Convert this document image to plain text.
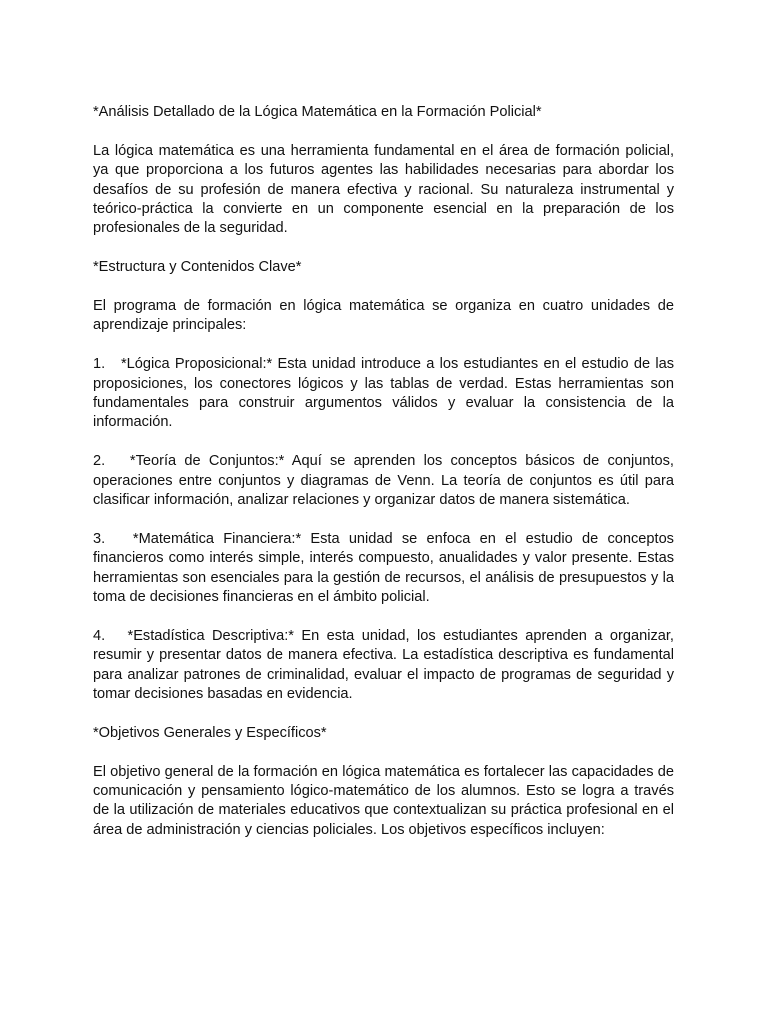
*Análisis Detallado de la Lógica Matemática en la Formación Policial*

La lógica matemática es una herramienta fundamental en el área de formación policial, ya que proporciona a los futuros agentes las habilidades necesarias para abordar los desafíos de su profesión de manera efectiva y racional. Su naturaleza instrumental y teórico-práctica la convierte en un componente esencial en la preparación de los profesionales de la seguridad.

*Estructura y Contenidos Clave*

El programa de formación en lógica matemática se organiza en cuatro unidades de aprendizaje principales:

1. *Lógica Proposicional:* Esta unidad introduce a los estudiantes en el estudio de las proposiciones, los conectores lógicos y las tablas de verdad. Estas herramientas son fundamentales para construir argumentos válidos y evaluar la consistencia de la información.

2. *Teoría de Conjuntos:* Aquí se aprenden los conceptos básicos de conjuntos, operaciones entre conjuntos y diagramas de Venn. La teoría de conjuntos es útil para clasificar información, analizar relaciones y organizar datos de manera sistemática.

3. *Matemática Financiera:* Esta unidad se enfoca en el estudio de conceptos financieros como interés simple, interés compuesto, anualidades y valor presente. Estas herramientas son esenciales para la gestión de recursos, el análisis de presupuestos y la toma de decisiones financieras en el ámbito policial.

4. *Estadística Descriptiva:* En esta unidad, los estudiantes aprenden a organizar, resumir y presentar datos de manera efectiva. La estadística descriptiva es fundamental para analizar patrones de criminalidad, evaluar el impacto de programas de seguridad y tomar decisiones basadas en evidencia.

*Objetivos Generales y Específicos*

El objetivo general de la formación en lógica matemática es fortalecer las capacidades de comunicación y pensamiento lógico-matemático de los alumnos. Esto se logra a través de la utilización de materiales educativos que contextualizan su práctica profesional en el área de administración y ciencias policiales. Los objetivos específicos incluyen:
